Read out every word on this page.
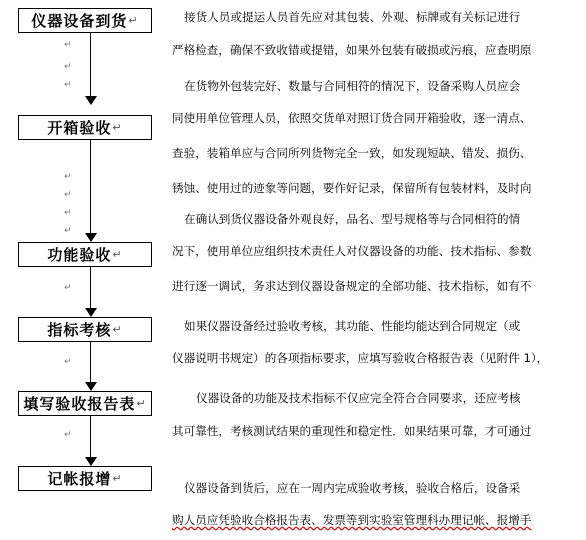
仪器设备到货 ↵
开箱验收 ↵
功能验收 ↵
指标考核 ↵
填写验收报告表 ↵
记帐报增 ↵
↵
↵
↵
↵
↵
↵
↵
↵
↵
↵
接货人员或提运人员首先应对其包装、外观、标牌或有关标记进行
严格检查，确保不致收错或提错，如果外包装有破损或污痕，应查明原
在货物外包装完好、数量与合同相符的情况下，设备采购人员应会
同使用单位管理人员，依照交货单对照订货合同开箱验收，逐一清点、
查验，装箱单应与合同所列货物完全一致，如发现短缺、错发、损伤、
锈蚀、使用过的迹象等问题，要作好记录，保留所有包装材料，及时向
在确认到货仪器设备外观良好，品名、型号规格等与合同相符的情
况下，使用单位应组织技术责任人对仪器设备的功能、技术指标、参数
进行逐一调试，务求达到仪器设备规定的全部功能、技术指标，如有不
如果仪器设备经过验收考核，其功能、性能均能达到合同规定（或
仪器说明书规定）的各项指标要求，应填写验收合格报告表（见附件 1），
仪器设备的功能及技术指标不仅应完全符合合同要求，还应考核
其可靠性，考核测试结果的重现性和稳定性．如果结果可靠，才可通过
仪器设备到货后，应在一周内完成验收考核，验收合格后，设备采
购人员应凭验收合格报告表、发票等到实验室管理科办理记帐、报增手
